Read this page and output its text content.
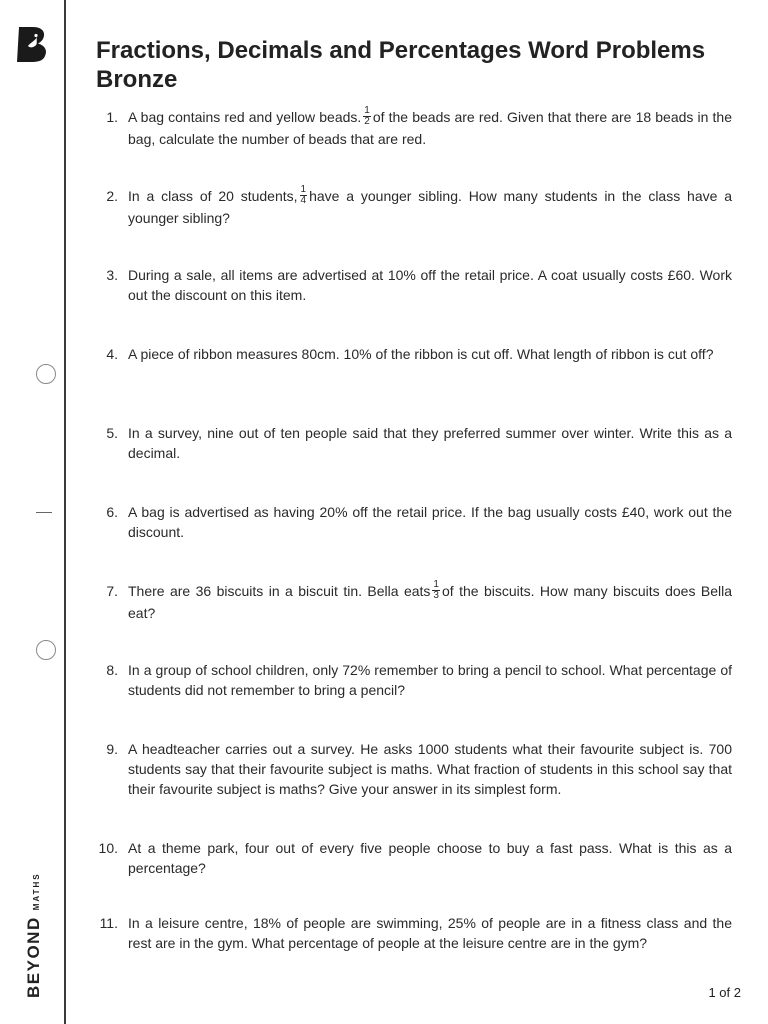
BEYOND
MATHS
Fractions, Decimals and Percentages Word Problems Bronze
1. A bag contains red and yellow beads. $\frac{1}{2}$ of the beads are red. Given that there are 18 beads in the bag, calculate the number of beads that are red.
2. In a class of 20 students, $\frac{1}{4}$ have a younger sibling. How many students in the class have a younger sibling?
3. During a sale, all items are advertised at 10% off the retail price. A coat usually costs £60. Work out the discount on this item.
4. A piece of ribbon measures 80cm. 10% of the ribbon is cut off. What length of ribbon is cut off?
5. In a survey, nine out of ten people said that they preferred summer over winter. Write this as a decimal.
6. A bag is advertised as having 20% off the retail price. If the bag usually costs £40, work out the discount.
7. There are 36 biscuits in a biscuit tin. Bella eats $\frac{1}{3}$ of the biscuits. How many biscuits does Bella eat?
8. In a group of school children, only 72% remember to bring a pencil to school. What percentage of students did not remember to bring a pencil?
9. A headteacher carries out a survey. He asks 1000 students what their favourite subject is. 700 students say that their favourite subject is maths. What fraction of students in this school say that their favourite subject is maths? Give your answer in its simplest form.
10. At a theme park, four out of every five people choose to buy a fast pass. What is this as a percentage?
11. In a leisure centre, 18% of people are swimming, 25% of people are in a fitness class and the rest are in the gym. What percentage of people at the leisure centre are in the gym?
1 of 2
